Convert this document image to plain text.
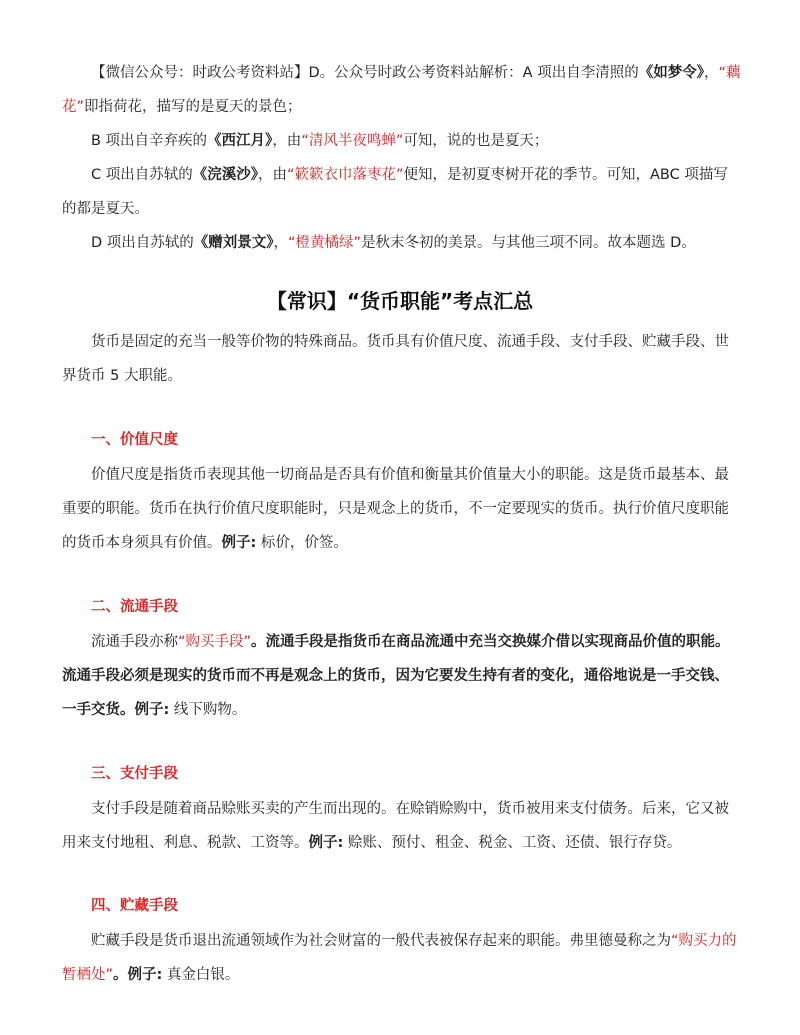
【微信公众号：时政公考资料站】D。公众号时政公考资料站解析：A 项出自李清照的《如梦令》，“藕花”即指荷花，描写的是夏天的景色；

B 项出自辛弃疾的《西江月》，由“清风半夜鸣蝉”可知，说的也是夏天；

C 项出自苏轼的《浣溪沙》，由“簌簌衣巾落枣花”便知，是初夏枣树开花的季节。可知，ABC 项描写的都是夏天。

D 项出自苏轼的《赠刘景文》，“橙黄橘绿”是秋末冬初的美景。与其他三项不同。故本题选 D。

【常识】“货币职能”考点汇总

货币是固定的充当一般等价物的特殊商品。货币具有价值尺度、流通手段、支付手段、贮藏手段、世界货币 5 大职能。

一、价值尺度

价值尺度是指货币表现其他一切商品是否具有价值和衡量其价值量大小的职能。这是货币最基本、最重要的职能。货币在执行价值尺度职能时，只是观念上的货币，不一定要现实的货币。执行价值尺度职能的货币本身须具有价值。例子: 标价，价签。

二、流通手段

流通手段亦称“购买手段”。流通手段是指货币在商品流通中充当交换媒介借以实现商品价值的职能。流通手段必须是现实的货币而不再是观念上的货币，因为它要发生持有者的变化，通俗地说是一手交钱、一手交货。例子: 线下购物。

三、支付手段

支付手段是随着商品赊账买卖的产生而出现的。在赊销赊购中，货币被用来支付债务。后来，它又被用来支付地租、利息、税款、工资等。例子: 赊账、预付、租金、税金、工资、还债、银行存贷。

四、贮藏手段

贮藏手段是货币退出流通领域作为社会财富的一般代表被保存起来的职能。弗里德曼称之为“购买力的暂栖处”。例子: 真金白银。
